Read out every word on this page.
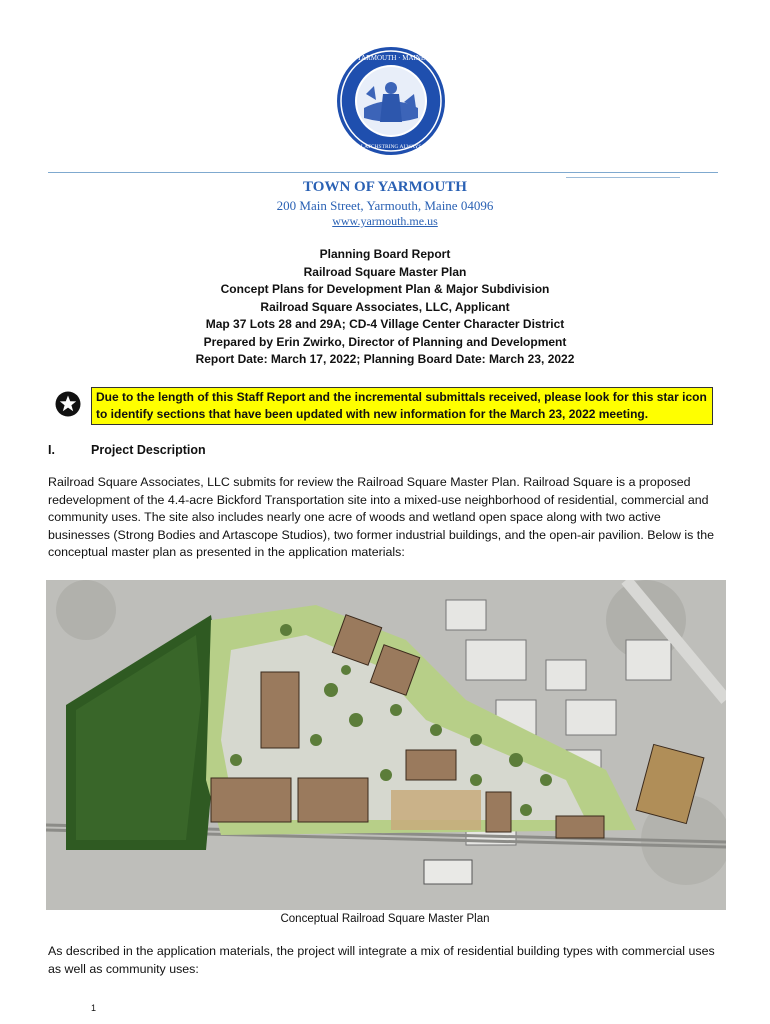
YARMOUTH · MAINE
OUR LATCHSTRING ALWAYS OUT
TOWN OF YARMOUTH
200 Main Street, Yarmouth, Maine 04096
www.yarmouth.me.us
Planning Board Report
Railroad Square Master Plan
Concept Plans for Development Plan & Major Subdivision
Railroad Square Associates, LLC, Applicant
Map 37 Lots 28 and 29A; CD-4 Village Center Character District
Prepared by Erin Zwirko, Director of Planning and Development
Report Date: March 17, 2022; Planning Board Date: March 23, 2022
Due to the length of this Staff Report and the incremental submittals received, please look for this star icon to identify sections that have been updated with new information for the March 23, 2022 meeting.
I.	Project Description
Railroad Square Associates, LLC submits for review the Railroad Square Master Plan. Railroad Square is a proposed redevelopment of the 4.4-acre Bickford Transportation site into a mixed-use neighborhood of residential, commercial and community uses. The site also includes nearly one acre of woods and wetland open space along with two active businesses (Strong Bodies and Artascope Studios), two former industrial buildings, and the open-air pavilion. Below is the conceptual master plan as presented in the application materials:
Conceptual Railroad Square Master Plan
As described in the application materials, the project will integrate a mix of residential building types with commercial uses as well as community uses:
1
